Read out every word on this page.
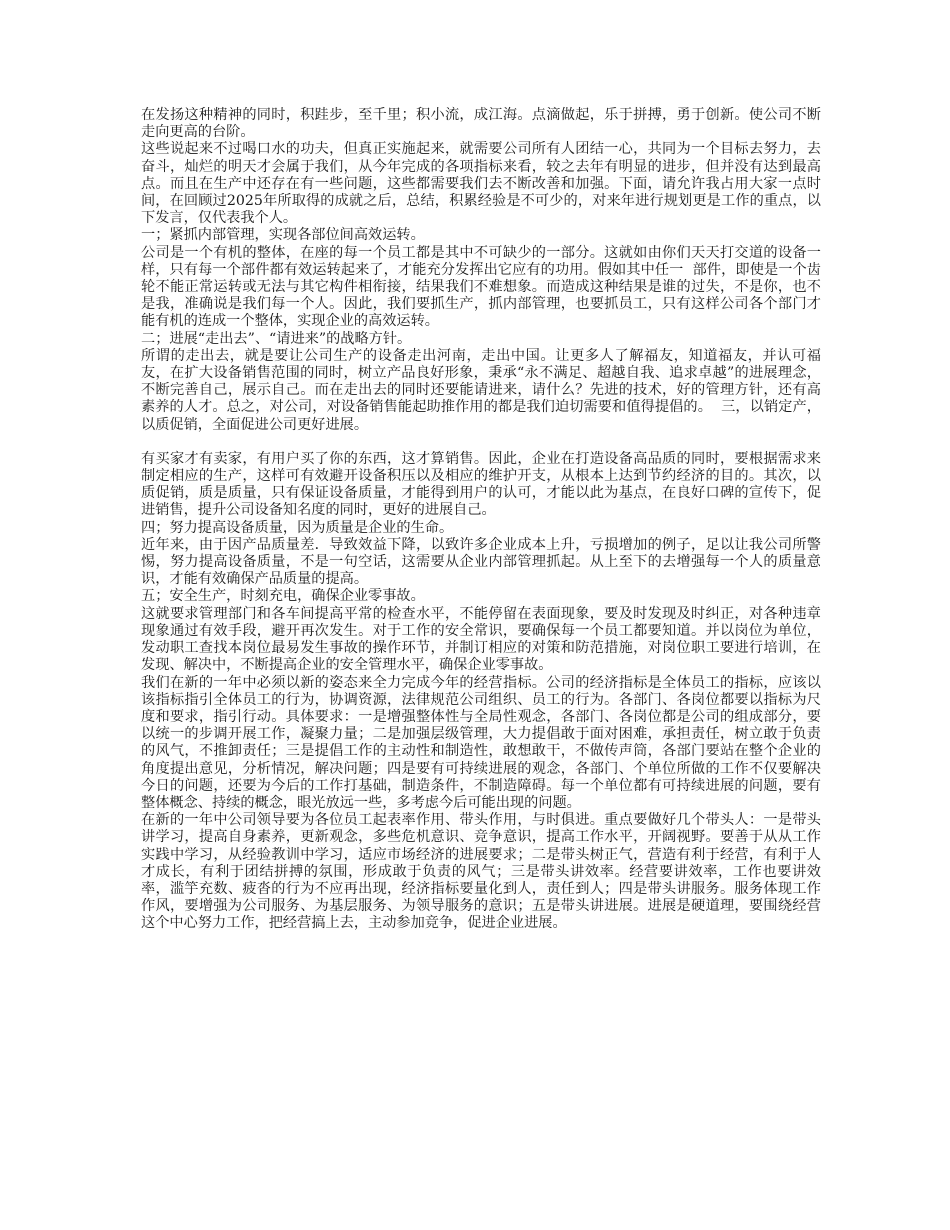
在发扬这种精神的同时，积跬步，至千里；积小流，成江海。点滴做起，乐于拼搏，勇于创新。使公司不断走向更高的台阶。

这些说起来不过喝口水的功夫，但真正实施起来，就需要公司所有人团结一心，共同为一个目标去努力，去奋斗，灿烂的明天才会属于我们，从今年完成的各项指标来看，较之去年有明显的进步，但并没有达到最高点。而且在生产中还存在有一些问题，这些都需要我们去不断改善和加强。下面，请允许我占用大家一点时间，在回顾过2025年所取得的成就之后，总结，积累经验是不可少的，对来年进行规划更是工作的重点，以下发言，仅代表我个人。

一；紧抓内部管理，实现各部位间高效运转。

公司是一个有机的整体，在座的每一个员工都是其中不可缺少的一部分。这就如由你们天天打交道的设备一样，只有每一个部件都有效运转起来了，才能充分发挥出它应有的功用。假如其中任一  部件，即使是一个齿轮不能正常运转或无法与其它构件相衔接，结果我们不难想象。而造成这种结果是谁的过失，不是你，也不是我，准确说是我们每一个人。因此，我们要抓生产，抓内部管理，也要抓员工，只有这样公司各个部门才能有机的连成一个整体，实现企业的高效运转。

二；进展“走出去”、“请进来”的战略方针。

所谓的走出去，就是要让公司生产的设备走出河南，走出中国。让更多人了解福友，知道福友，并认可福友，在扩大设备销售范围的同时，树立产品良好形象，秉承“永不满足、超越自我、追求卓越”的进展理念，不断完善自己，展示自己。而在走出去的同时还要能请进来，请什么？先进的技术，好的管理方针，还有高素养的人才。总之，对公司，对设备销售能起助推作用的都是我们迫切需要和值得提倡的。  三，以销定产，以质促销，全面促进公司更好进展。

有买家才有卖家，有用户买了你的东西，这才算销售。因此，企业在打造设备高品质的同时，要根据需求来制定相应的生产，这样可有效避开设备积压以及相应的维护开支，从根本上达到节约经济的目的。其次，以质促销，质是质量，只有保证设备质量，才能得到用户的认可，才能以此为基点，在良好口碑的宣传下，促进销售，提升公司设备知名度的同时，更好的进展自己。

四；努力提高设备质量，因为质量是企业的生命。

近年来，由于因产品质量差．导致效益下降，以致许多企业成本上升，亏损增加的例子，足以让我公司所警惕，努力提高设备质量，不是一句空话，这需要从企业内部管理抓起。从上至下的去增强每一个人的质量意识，才能有效确保产品质量的提高。

五；安全生产，时刻充电，确保企业零事故。

这就要求管理部门和各车间提高平常的检查水平，不能停留在表面现象，要及时发现及时纠正，对各种违章现象通过有效手段，避开再次发生。对于工作的安全常识，要确保每一个员工都要知道。并以岗位为单位，发动职工查找本岗位最易发生事故的操作环节，并制订相应的对策和防范措施，对岗位职工要进行培训，在发现、解决中，不断提高企业的安全管理水平，确保企业零事故。

我们在新的一年中必须以新的姿态来全力完成今年的经营指标。公司的经济指标是全体员工的指标，应该以该指标指引全体员工的行为，协调资源，法律规范公司组织、员工的行为。各部门、各岗位都要以指标为尺度和要求，指引行动。具体要求：一是增强整体性与全局性观念，各部门、各岗位都是公司的组成部分，要以统一的步调开展工作，凝聚力量；二是加强层级管理，大力提倡敢于面对困难，承担责任，树立敢于负责的风气，不推卸责任；三是提倡工作的主动性和制造性，敢想敢干，不做传声筒，各部门要站在整个企业的角度提出意见，分析情况，解决问题；四是要有可持续进展的观念，各部门、个单位所做的工作不仅要解决今日的问题，还要为今后的工作打基础，制造条件，不制造障碍。每一个单位都有可持续进展的问题，要有整体概念、持续的概念，眼光放远一些，多考虑今后可能出现的问题。

在新的一年中公司领导要为各位员工起表率作用、带头作用，与时俱进。重点要做好几个带头人：一是带头讲学习，提高自身素养，更新观念，多些危机意识、竞争意识，提高工作水平，开阔视野。要善于从从工作实践中学习，从经验教训中学习，适应市场经济的进展要求；二是带头树正气，营造有利于经营，有利于人才成长，有利于团结拼搏的氛围，形成敢于负责的风气；三是带头讲效率。经营要讲效率，工作也要讲效率，滥竽充数、疲沓的行为不应再出现，经济指标要量化到人，责任到人；四是带头讲服务。服务体现工作作风，要增强为公司服务、为基层服务、为领导服务的意识；五是带头讲进展。进展是硬道理，要围绕经营这个中心努力工作，把经营搞上去，主动参加竞争，促进企业进展。
